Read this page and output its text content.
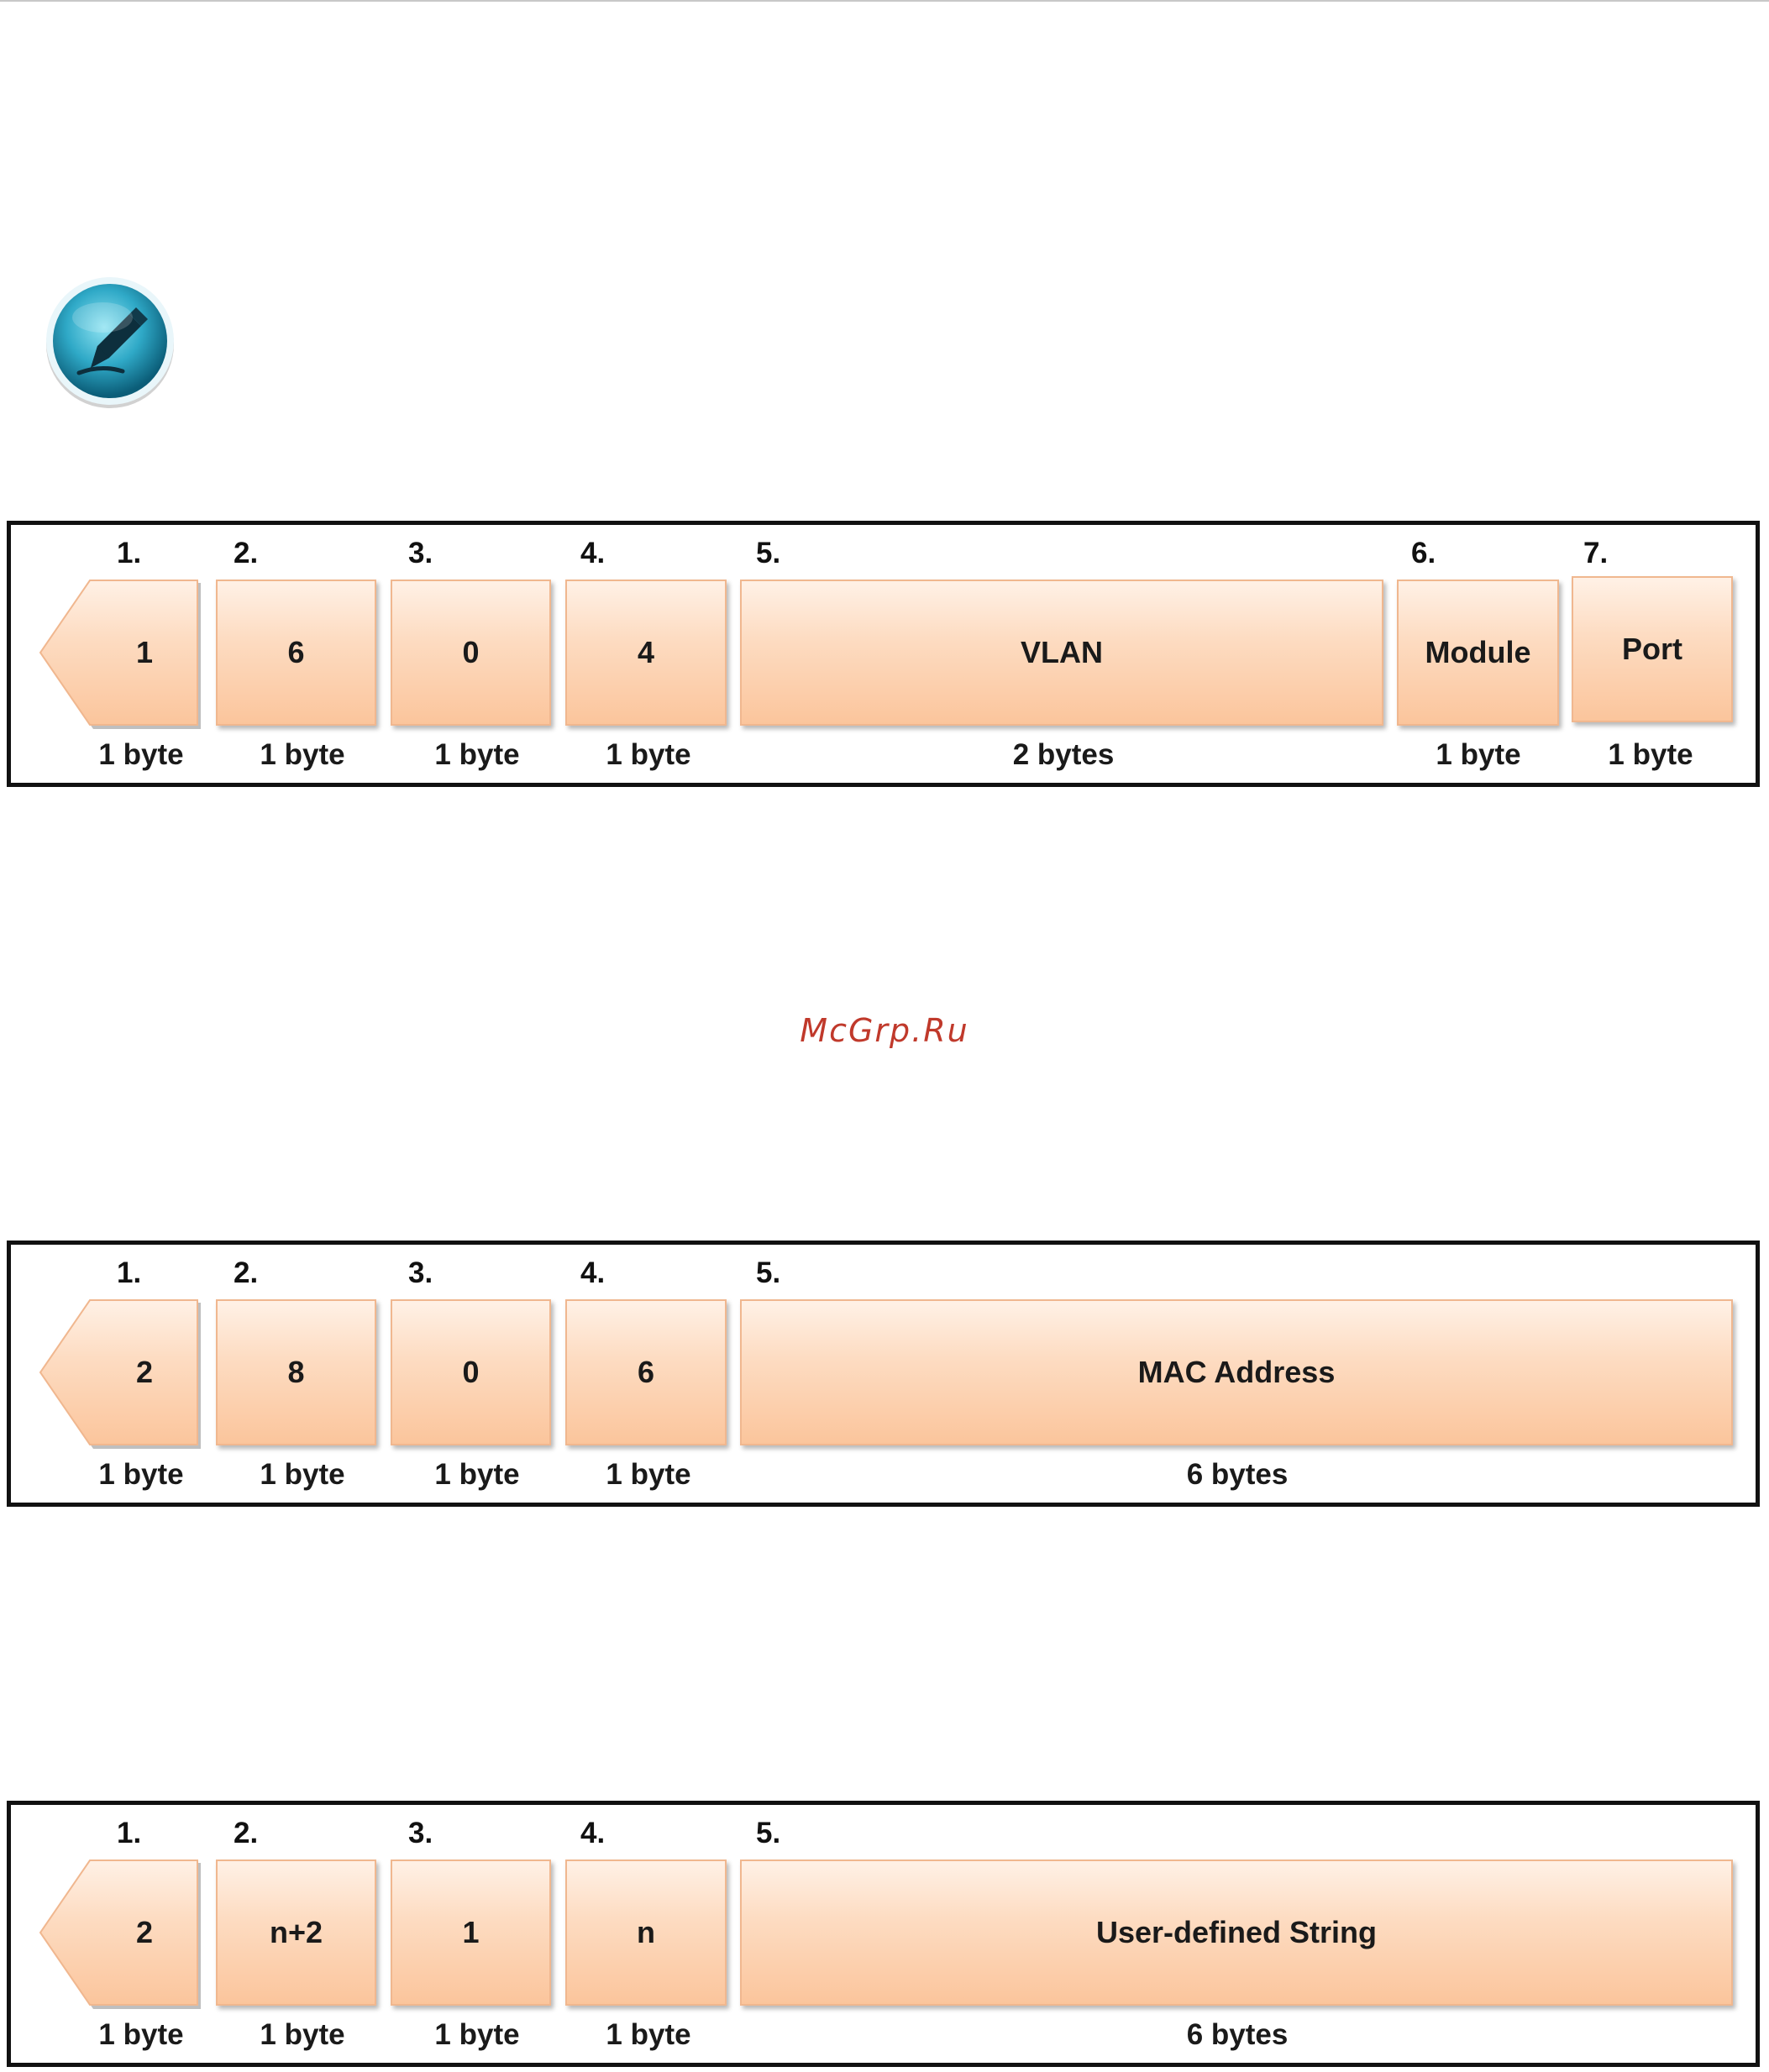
McGrp.Ru
1.	2.	3.	4.	5.	6.	7.
1	6	0	4	VLAN	Module	Port
1 byte	1 byte	1 byte	1 byte	2 bytes	1 byte	1 byte
1.	2.	3.	4.	5.
2	8	0	6	MAC Address
1 byte	1 byte	1 byte	1 byte	6 bytes
1.	2.	3.	4.	5.
2	n+2	1	n	User-defined String
1 byte	1 byte	1 byte	1 byte	6 bytes
